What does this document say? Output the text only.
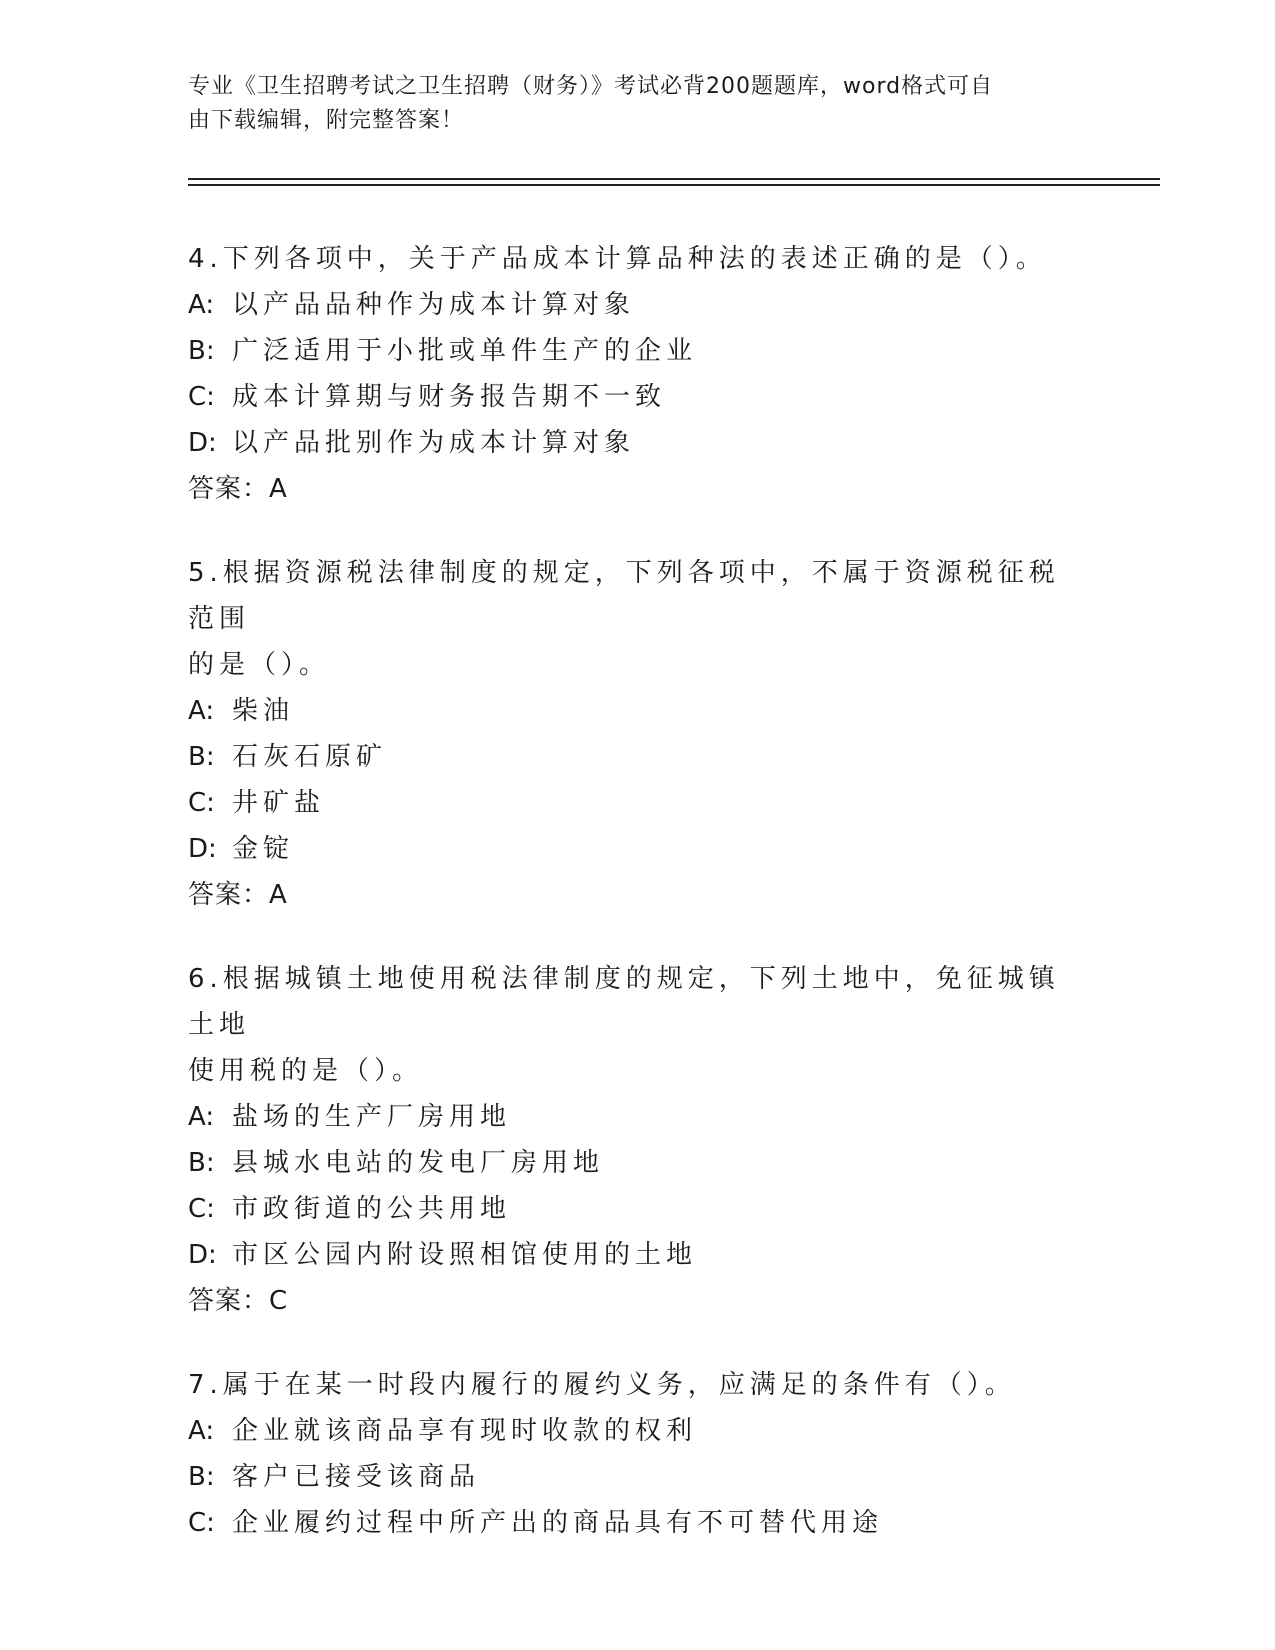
专业《卫生招聘考试之卫生招聘（财务）》考试必背200题题库，word格式可自
由下载编辑，附完整答案！
4.下列各项中，关于产品成本计算品种法的表述正确的是（）。
A: 以产品品种作为成本计算对象
B: 广泛适用于小批或单件生产的企业
C: 成本计算期与财务报告期不一致
D: 以产品批别作为成本计算对象
答案：A
5.根据资源税法律制度的规定，下列各项中，不属于资源税征税范围
的是（）。
A: 柴油
B: 石灰石原矿
C: 井矿盐
D: 金锭
答案：A
6.根据城镇土地使用税法律制度的规定，下列土地中，免征城镇土地
使用税的是（）。
A: 盐场的生产厂房用地
B: 县城水电站的发电厂房用地
C: 市政街道的公共用地
D: 市区公园内附设照相馆使用的土地
答案：C
7.属于在某一时段内履行的履约义务，应满足的条件有（）。
A: 企业就该商品享有现时收款的权利
B: 客户已接受该商品
C: 企业履约过程中所产出的商品具有不可替代用途
